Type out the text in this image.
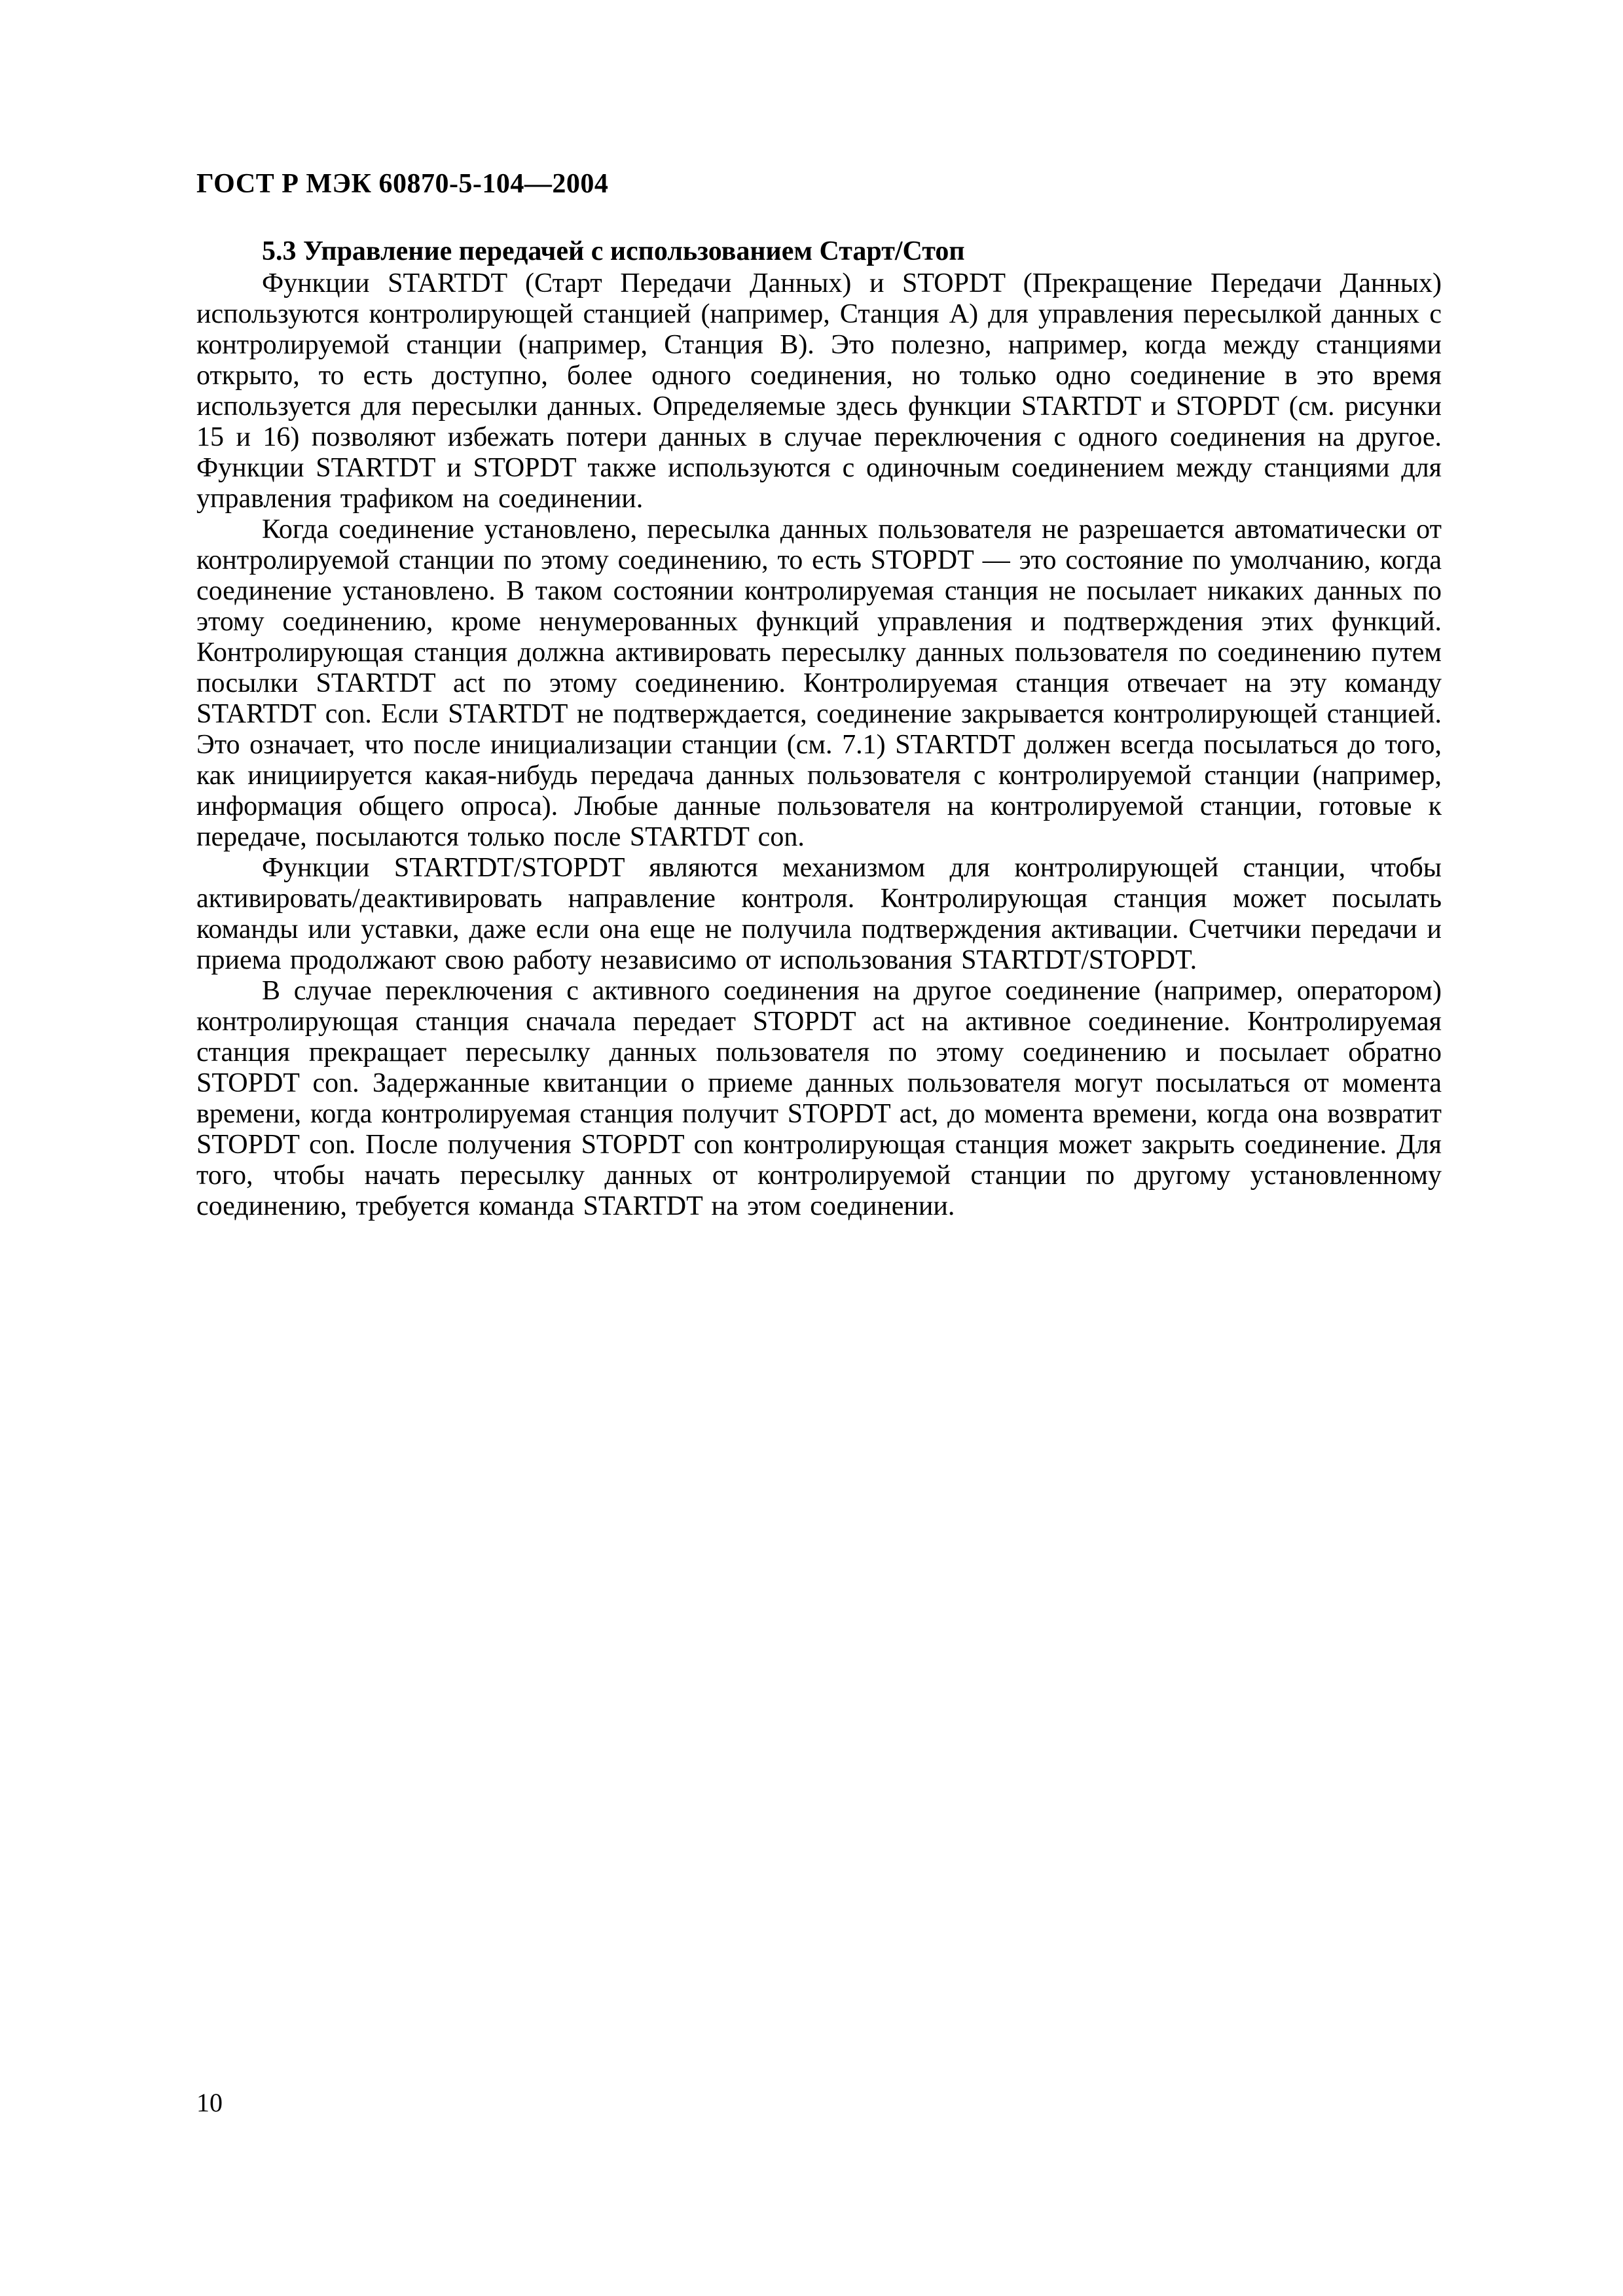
ГОСТ Р МЭК 60870-5-104—2004
5.3 Управление передачей с использованием Старт/Стоп

Функции STARTDT (Старт Передачи Данных) и STOPDT (Прекращение Передачи Данных) используются контролирующей станцией (например, Станция А) для управления пересылкой данных с контролируемой станции (например, Станция В). Это полезно, например, когда между станциями открыто, то есть доступно, более одного соединения, но только одно соединение в это время используется для пересылки данных. Определяемые здесь функции STARTDT и STOPDT (см. рисунки 15 и 16) позволяют избежать потери данных в случае переключения с одного соединения на другое. Функции STARTDT и STOPDT также используются с одиночным соединением между станциями для управления трафиком на соединении.

Когда соединение установлено, пересылка данных пользователя не разрешается автоматически от контролируемой станции по этому соединению, то есть STOPDT — это состояние по умолчанию, когда соединение установлено. В таком состоянии контролируемая станция не посылает никаких данных по этому соединению, кроме ненумерованных функций управления и подтверждения этих функций. Контролирующая станция должна активировать пересылку данных пользователя по соединению путем посылки STARTDT act по этому соединению. Контролируемая станция отвечает на эту команду STARTDT con. Если STARTDT не подтверждается, соединение закрывается контролирующей станцией. Это означает, что после инициализации станции (см. 7.1) STARTDT должен всегда посылаться до того, как инициируется какая-нибудь передача данных пользователя с контролируемой станции (например, информация общего опроса). Любые данные пользователя на контролируемой станции, готовые к передаче, посылаются только после STARTDT con.

Функции STARTDT/STOPDT являются механизмом для контролирующей станции, чтобы активировать/деактивировать направление контроля. Контролирующая станция может посылать команды или уставки, даже если она еще не получила подтверждения активации. Счетчики передачи и приема продолжают свою работу независимо от использования STARTDT/STOPDT.

В случае переключения с активного соединения на другое соединение (например, оператором) контролирующая станция сначала передает STOPDT act на активное соединение. Контролируемая станция прекращает пересылку данных пользователя по этому соединению и посылает обратно STOPDT con. Задержанные квитанции о приеме данных пользователя могут посылаться от момента времени, когда контролируемая станция получит STOPDT act, до момента времени, когда она возвратит STOPDT con. После получения STOPDT con контролирующая станция может закрыть соединение. Для того, чтобы начать пересылку данных от контролируемой станции по другому установленному соединению, требуется команда STARTDT на этом соединении.

10
